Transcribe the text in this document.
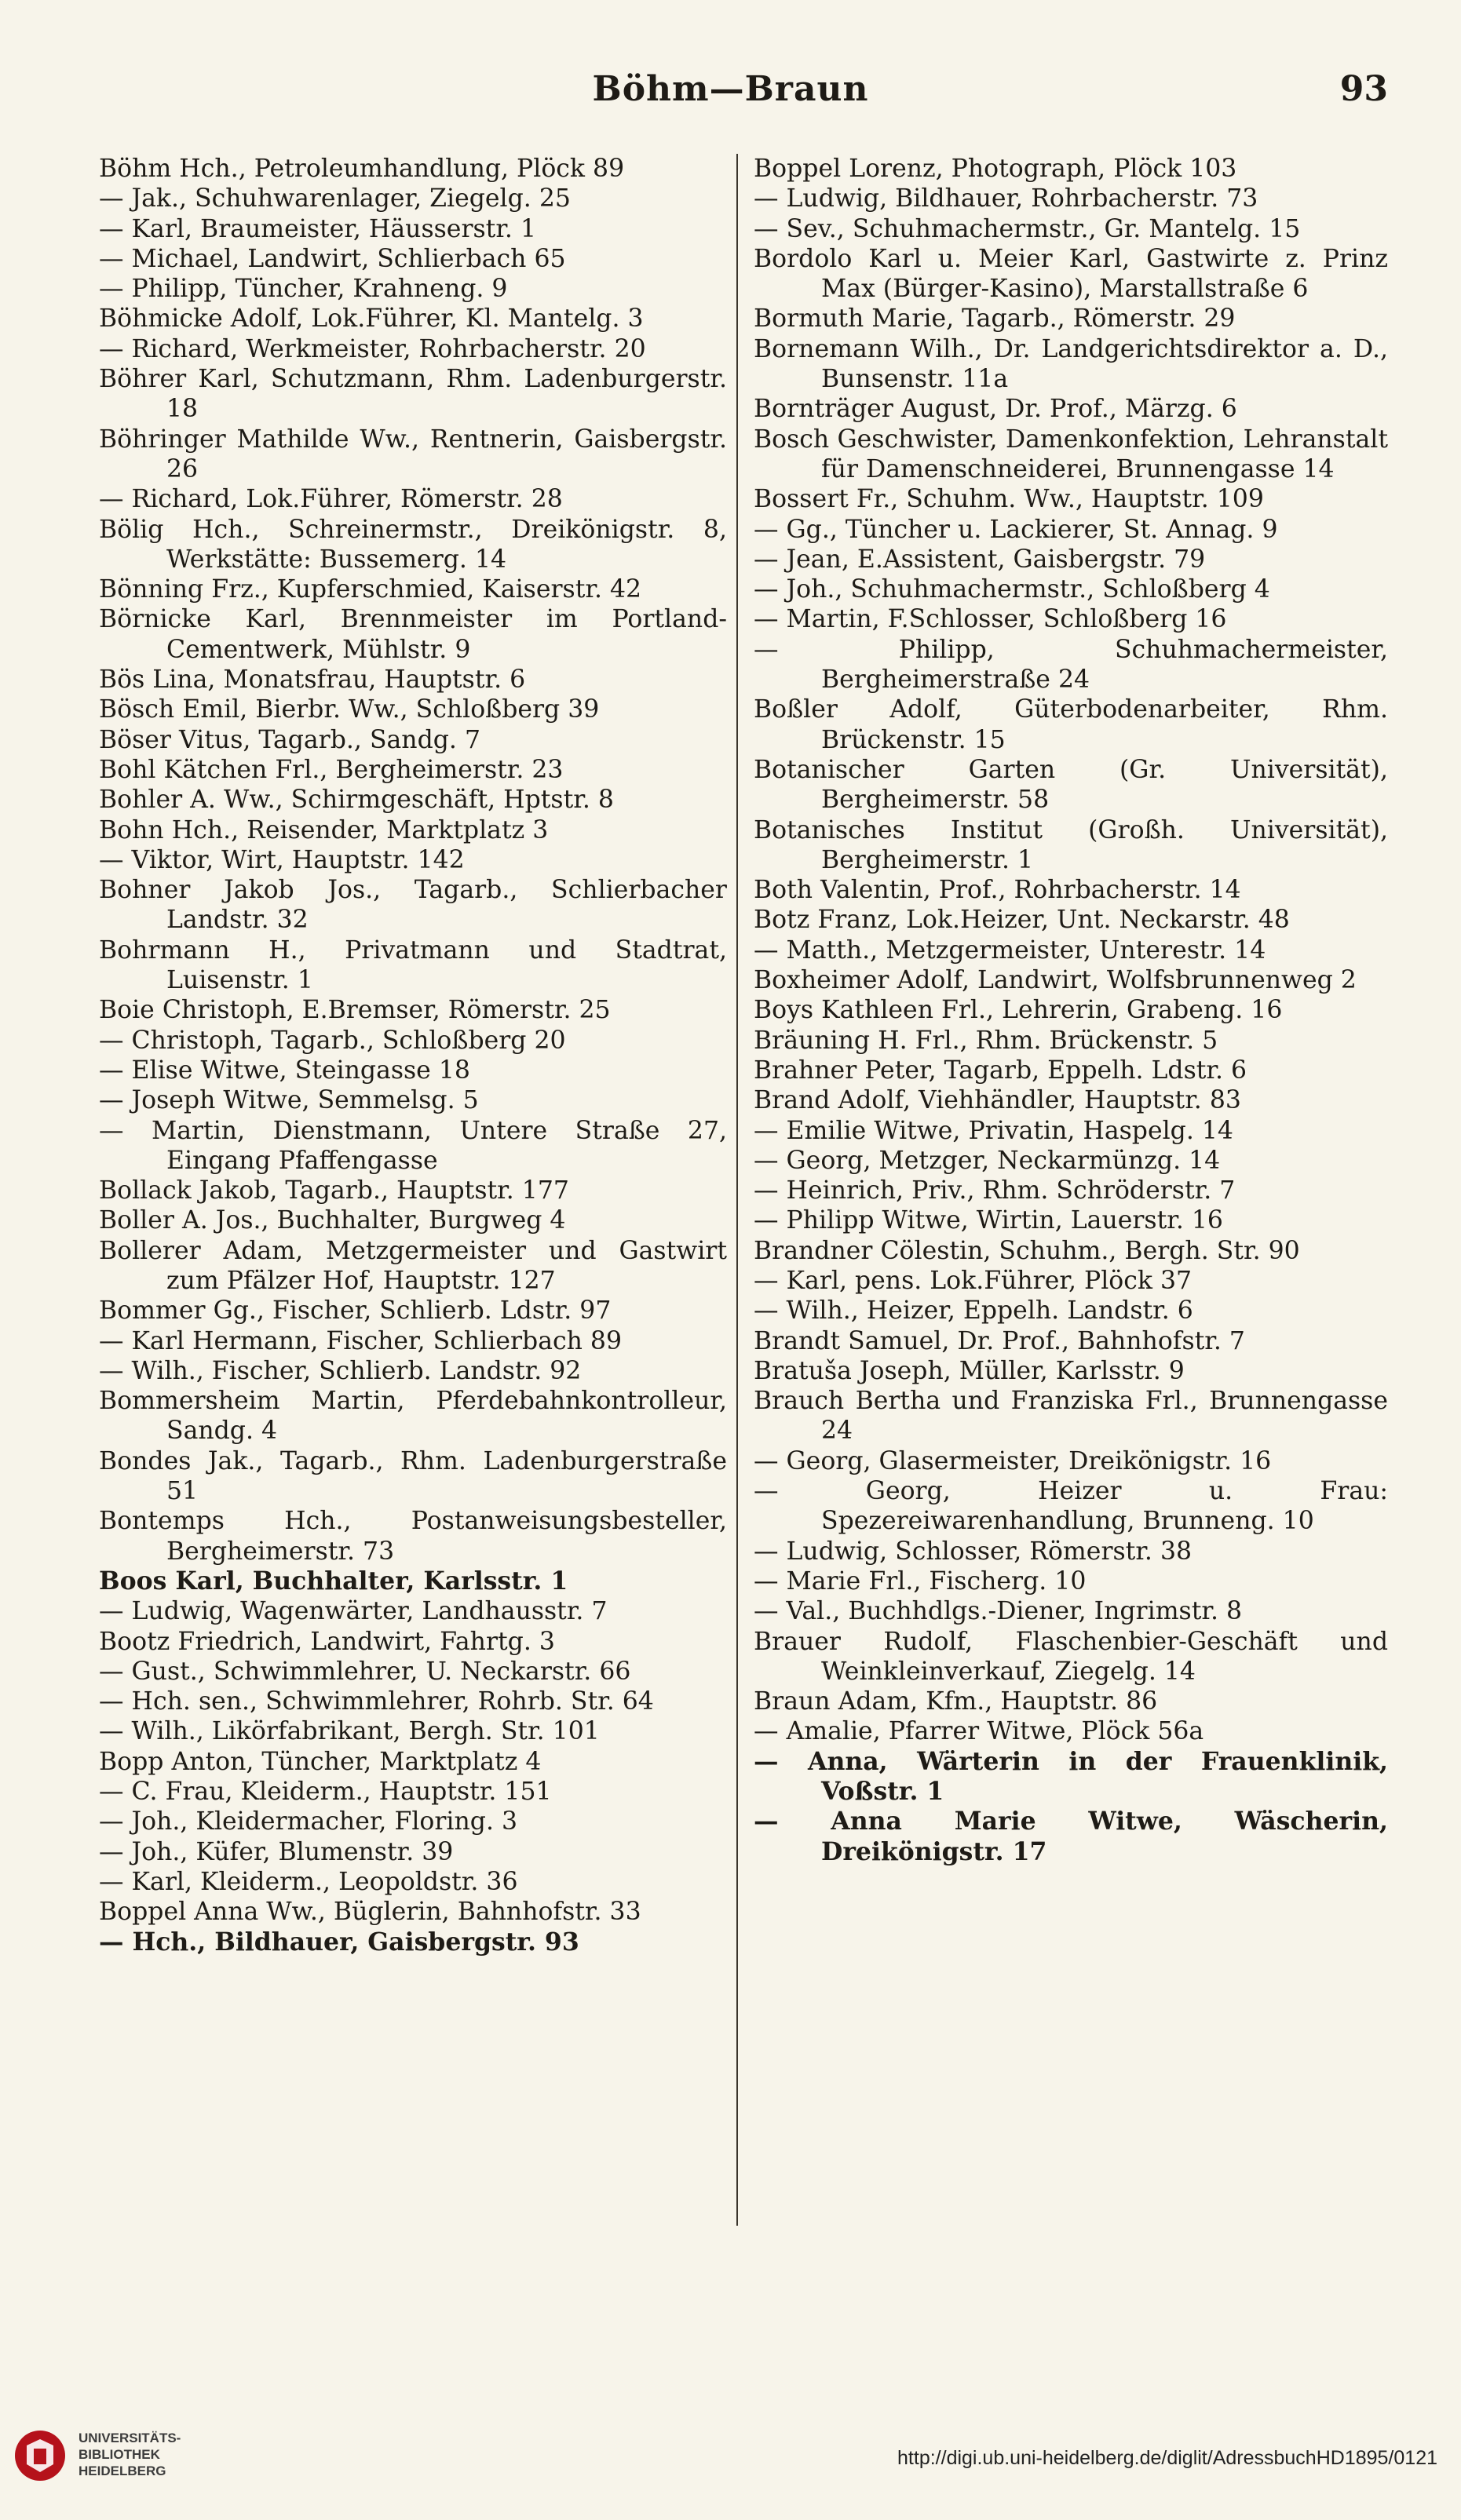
Böhm—Braun	93

Böhm Hch., Petroleumhandlung, Plöck 89

— Jak., Schuhwarenlager, Ziegelg. 25

— Karl, Braumeister, Häusserstr. 1

— Michael, Landwirt, Schlierbach 65

— Philipp, Tüncher, Krahneng. 9

Böhmicke Adolf, Lok.Führer, Kl. Mantelg. 3

— Richard, Werkmeister, Rohrbacherstr. 20

Böhrer Karl, Schutzmann, Rhm. Ladenburgerstr. 18

Böhringer Mathilde Ww., Rentnerin, Gaisbergstr. 26

— Richard, Lok.Führer, Römerstr. 28

Bölig Hch., Schreinermstr., Dreikönigstr. 8, Werkstätte: Bussemerg. 14

Bönning Frz., Kupferschmied, Kaiserstr. 42

Börnicke Karl, Brennmeister im Portland-Cementwerk, Mühlstr. 9

Bös Lina, Monatsfrau, Hauptstr. 6

Bösch Emil, Bierbr. Ww., Schloßberg 39

Böser Vitus, Tagarb., Sandg. 7

Bohl Kätchen Frl., Bergheimerstr. 23

Bohler A. Ww., Schirmgeschäft, Hptstr. 8

Bohn Hch., Reisender, Marktplatz 3

— Viktor, Wirt, Hauptstr. 142

Bohner Jakob Jos., Tagarb., Schlierbacher Landstr. 32

Bohrmann H., Privatmann und Stadtrat, Luisenstr. 1

Boie Christoph, E.Bremser, Römerstr. 25

— Christoph, Tagarb., Schloßberg 20

— Elise Witwe, Steingasse 18

— Joseph Witwe, Semmelsg. 5

— Martin, Dienstmann, Untere Straße 27, Eingang Pfaffengasse

Bollack Jakob, Tagarb., Hauptstr. 177

Boller A. Jos., Buchhalter, Burgweg 4

Bollerer Adam, Metzgermeister und Gastwirt zum Pfälzer Hof, Hauptstr. 127

Bommer Gg., Fischer, Schlierb. Ldstr. 97

— Karl Hermann, Fischer, Schlierbach 89

— Wilh., Fischer, Schlierb. Landstr. 92

Bommersheim Martin, Pferdebahnkontrolleur, Sandg. 4

Bondes Jak., Tagarb., Rhm. Ladenburgerstraße 51

Bontemps Hch., Postanweisungsbesteller, Bergheimerstr. 73

Boos Karl, Buchhalter, Karlsstr. 1

— Ludwig, Wagenwärter, Landhausstr. 7

Bootz Friedrich, Landwirt, Fahrtg. 3

— Gust., Schwimmlehrer, U. Neckarstr. 66

— Hch. sen., Schwimmlehrer, Rohrb. Str. 64

— Wilh., Likörfabrikant, Bergh. Str. 101

Bopp Anton, Tüncher, Marktplatz 4

— C. Frau, Kleiderm., Hauptstr. 151

— Joh., Kleidermacher, Floring. 3

— Joh., Küfer, Blumenstr. 39

— Karl, Kleiderm., Leopoldstr. 36

Boppel Anna Ww., Büglerin, Bahnhofstr. 33

— Hch., Bildhauer, Gaisbergstr. 93

Boppel Lorenz, Photograph, Plöck 103

— Ludwig, Bildhauer, Rohrbacherstr. 73

— Sev., Schuhmachermstr., Gr. Mantelg. 15

Bordolo Karl u. Meier Karl, Gastwirte z. Prinz Max (Bürger-Kasino), Marstallstraße 6

Bormuth Marie, Tagarb., Römerstr. 29

Bornemann Wilh., Dr. Landgerichtsdirektor a. D., Bunsenstr. 11a

Bornträger August, Dr. Prof., Märzg. 6

Bosch Geschwister, Damenkonfektion, Lehranstalt für Damenschneiderei, Brunnengasse 14

Bossert Fr., Schuhm. Ww., Hauptstr. 109

— Gg., Tüncher u. Lackierer, St. Annag. 9

— Jean, E.Assistent, Gaisbergstr. 79

— Joh., Schuhmachermstr., Schloßberg 4

— Martin, F.Schlosser, Schloßberg 16

— Philipp, Schuhmachermeister, Bergheimerstraße 24

Boßler Adolf, Güterbodenarbeiter, Rhm. Brückenstr. 15

Botanischer Garten (Gr. Universität), Bergheimerstr. 58

Botanisches Institut (Großh. Universität), Bergheimerstr. 1

Both Valentin, Prof., Rohrbacherstr. 14

Botz Franz, Lok.Heizer, Unt. Neckarstr. 48

— Matth., Metzgermeister, Unterestr. 14

Boxheimer Adolf, Landwirt, Wolfsbrunnenweg 2

Boys Kathleen Frl., Lehrerin, Grabeng. 16

Bräuning H. Frl., Rhm. Brückenstr. 5

Brahner Peter, Tagarb, Eppelh. Ldstr. 6

Brand Adolf, Viehhändler, Hauptstr. 83

— Emilie Witwe, Privatin, Haspelg. 14

— Georg, Metzger, Neckarmünzg. 14

— Heinrich, Priv., Rhm. Schröderstr. 7

— Philipp Witwe, Wirtin, Lauerstr. 16

Brandner Cölestin, Schuhm., Bergh. Str. 90

— Karl, pens. Lok.Führer, Plöck 37

— Wilh., Heizer, Eppelh. Landstr. 6

Brandt Samuel, Dr. Prof., Bahnhofstr. 7

Bratuša Joseph, Müller, Karlsstr. 9

Brauch Bertha und Franziska Frl., Brunnengasse 24

— Georg, Glasermeister, Dreikönigstr. 16

— Georg, Heizer u. Frau: Spezereiwarenhandlung, Brunneng. 10

— Ludwig, Schlosser, Römerstr. 38

— Marie Frl., Fischerg. 10

— Val., Buchhdlgs.-Diener, Ingrimstr. 8

Brauer Rudolf, Flaschenbier-Geschäft und Weinkleinverkauf, Ziegelg. 14

Braun Adam, Kfm., Hauptstr. 86

— Amalie, Pfarrer Witwe, Plöck 56a

— Anna, Wärterin in der Frauenklinik, Voßstr. 1

— Anna Marie Witwe, Wäscherin, Dreikönigstr. 17

UNIVERSITÄTS-
BIBLIOTHEK
HEIDELBERG
http://digi.ub.uni-heidelberg.de/diglit/AdressbuchHD1895/0121
